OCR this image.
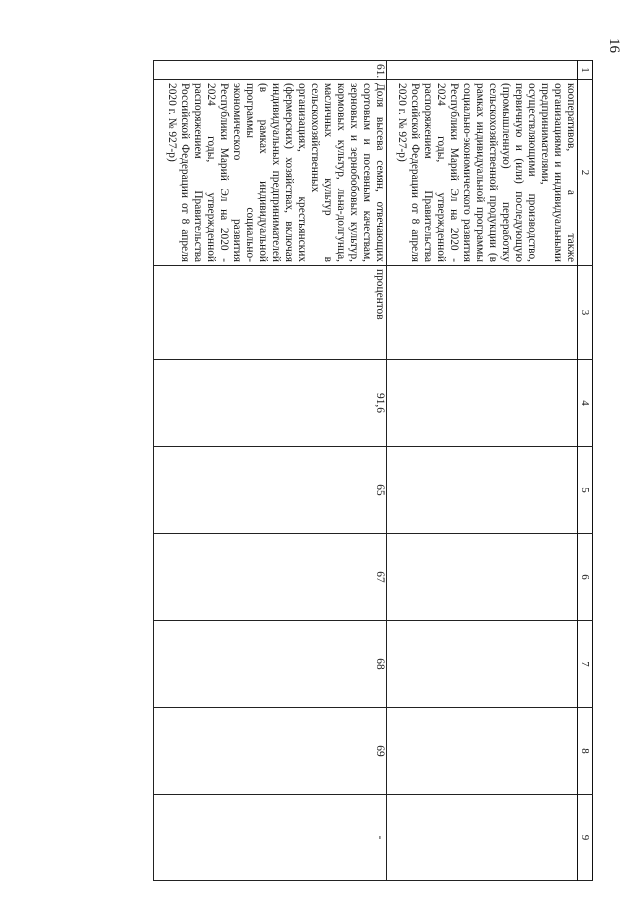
16
1	2	3	4	5	6	7	8	9
	кооперативов, а также организациями и индивидуальными предпринимателями, осуществляющими производство, первичную и (или) последующую (промышленную) переработку сельскохозяйственной продукции (в рамках индивидуальной программы социально-экономического развития Республики Марий Эл на 2020 - 2024 годы, утвержденной распоряжением Правительства Российской Федерации от 8 апреля 2020 г. № 927-р)							
61.	Доля высева семян, отвечающих сортовым и посевным качествам, зерновых и зернобобовых культур, кормовых культур, льна-долгунца, масличных культур в сельскохозяйственных организациях, крестьянских (фермерских) хозяйствах, включая индивидуальных предпринимателей (в рамках индивидуальной программы социально-экономического развития Республики Марий Эл на 2020 - 2024 годы, утвержденной распоряжением Правительства Российской Федерации от 8 апреля 2020 г. № 927-р)	процентов	91,6	65	67	68	69	-
